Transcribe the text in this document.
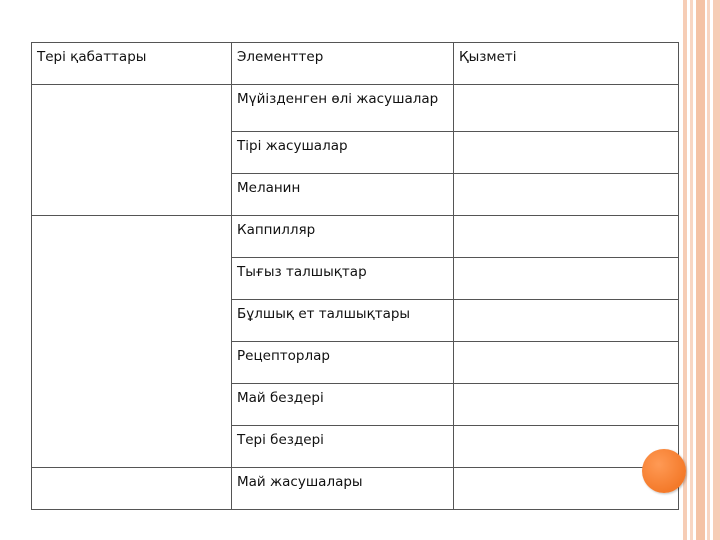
Тері қабаттары	Элементтер	Қызметі
	Мүйізденген өлі жасушалар	
	Тірі жасушалар	
	Меланин	
	Каппилляр	
	Тығыз талшықтар	
	Бұлшық ет талшықтары	
	Рецепторлар	
	Май бездері	
	Тері бездері	
	Май жасушалары	
